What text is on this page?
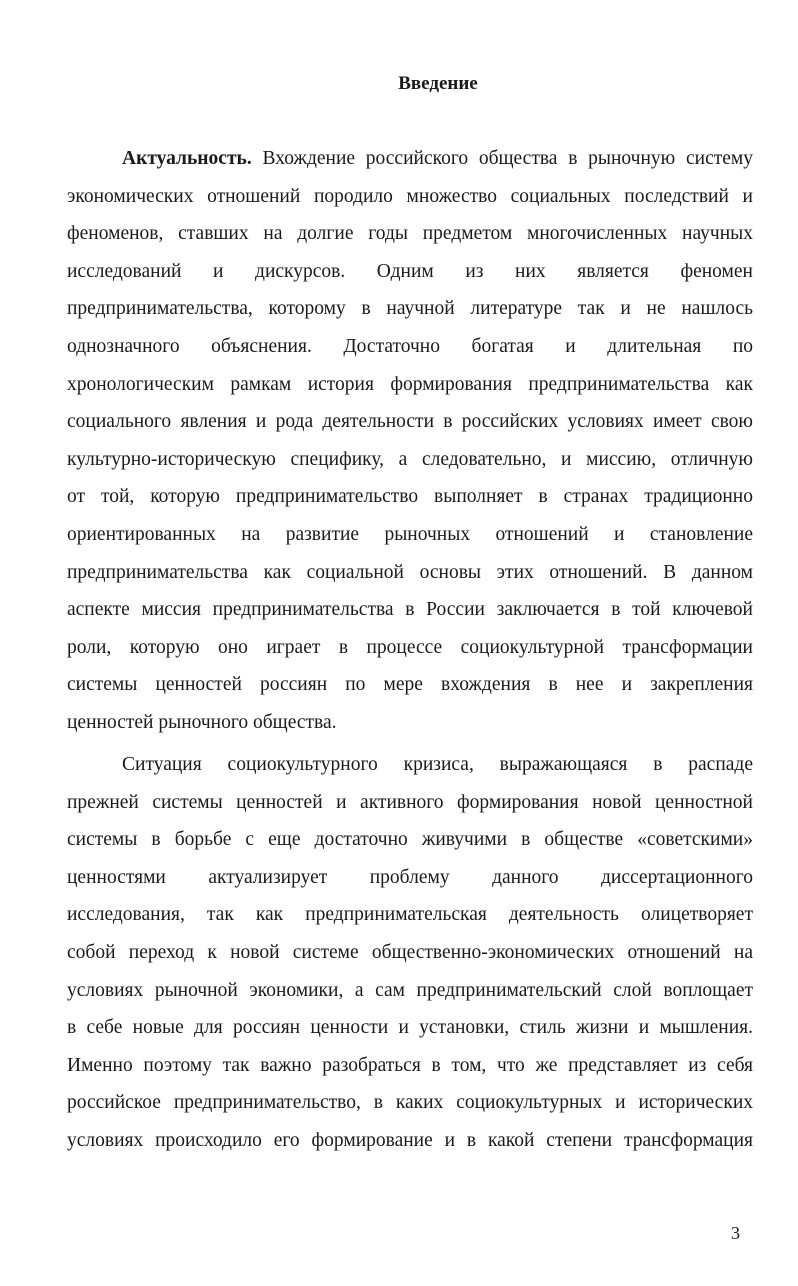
Введение
Актуальность. Вхождение российского общества в рыночную систему
экономических отношений породило множество социальных последствий и
феноменов, ставших на долгие годы предметом многочисленных научных
исследований и дискурсов. Одним из них является феномен
предпринимательства, которому в научной литературе так и не нашлось
однозначного объяснения. Достаточно богатая и длительная по
хронологическим рамкам история формирования предпринимательства как
социального явления и рода деятельности в российских условиях имеет свою
культурно-историческую специфику, а следовательно, и миссию, отличную
от той, которую предпринимательство выполняет в странах традиционно
ориентированных на развитие рыночных отношений и становление
предпринимательства как социальной основы этих отношений. В данном
аспекте миссия предпринимательства в России заключается в той ключевой
роли, которую оно играет в процессе социокультурной трансформации
системы ценностей россиян по мере вхождения в нее и закрепления
ценностей рыночного общества.
Ситуация социокультурного кризиса, выражающаяся в распаде
прежней системы ценностей и активного формирования новой ценностной
системы в борьбе с еще достаточно живучими в обществе «советскими»
ценностями актуализирует проблему данного диссертационного
исследования, так как предпринимательская деятельность олицетворяет
собой переход к новой системе общественно-экономических отношений на
условиях рыночной экономики, а сам предпринимательский слой воплощает
в себе новые для россиян ценности и установки, стиль жизни и мышления.
Именно поэтому так важно разобраться в том, что же представляет из себя
российское предпринимательство, в каких социокультурных и исторических
условиях происходило его формирование и в какой степени трансформация
3
